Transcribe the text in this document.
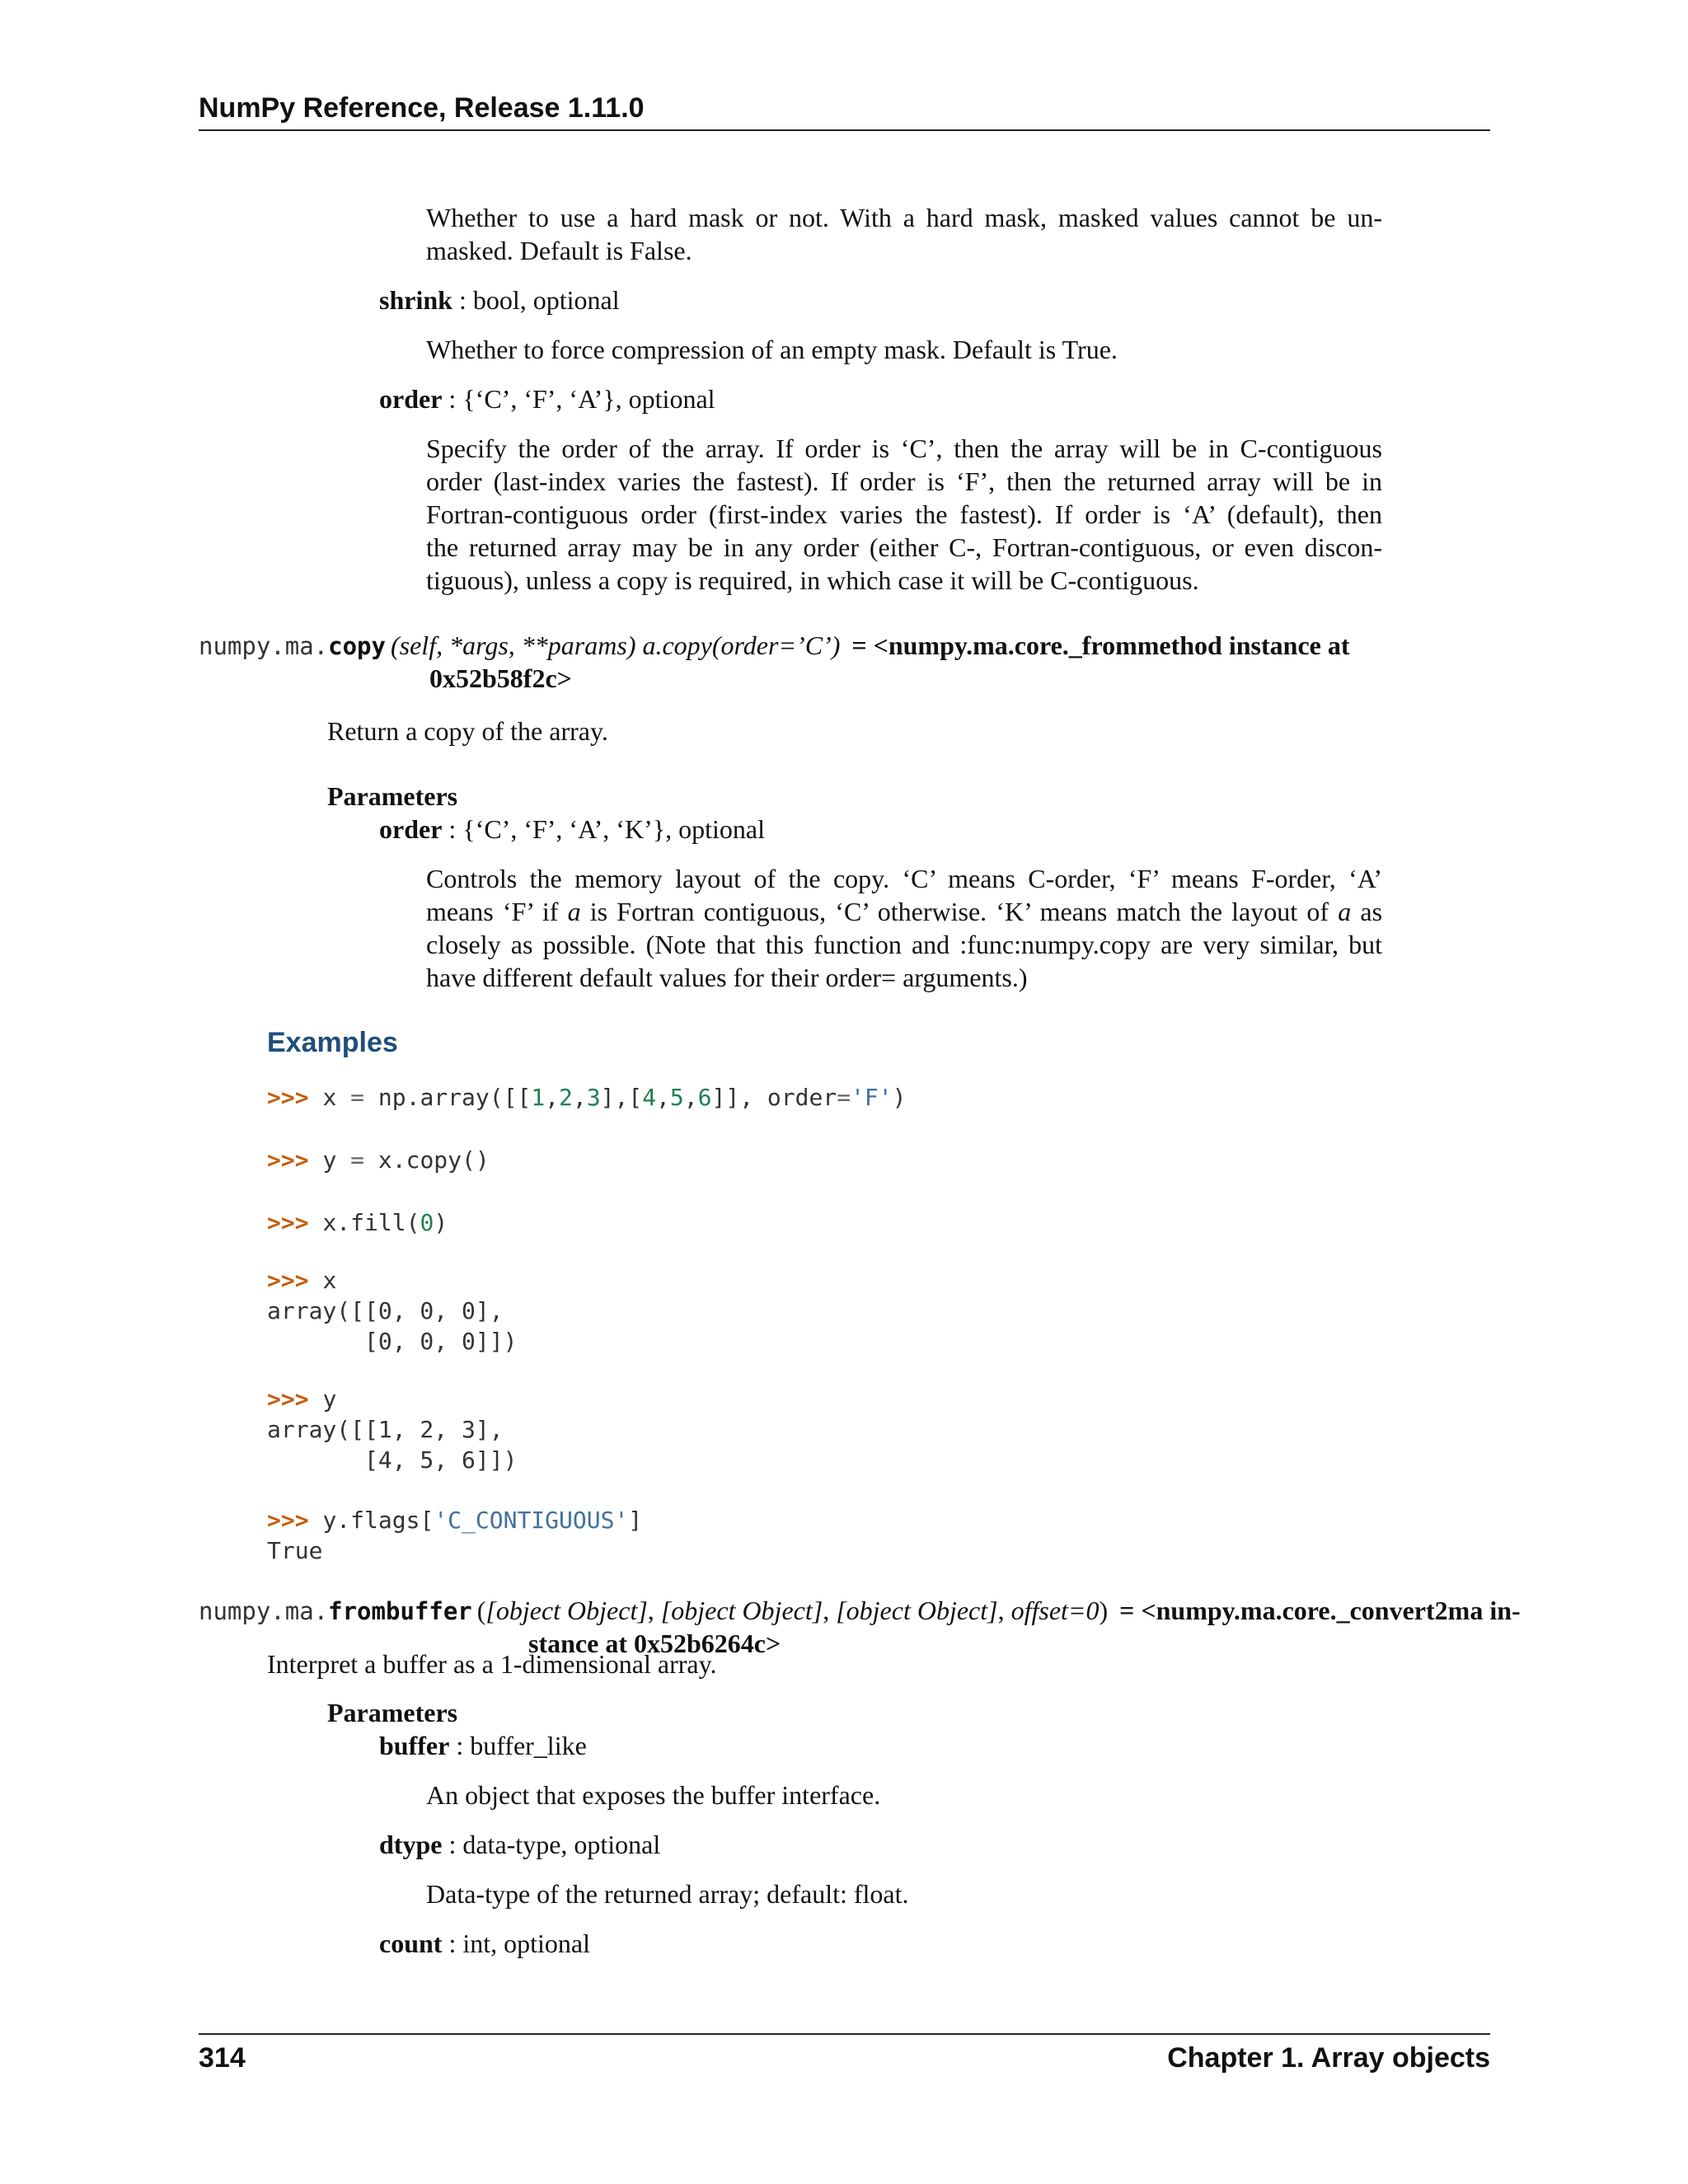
NumPy Reference, Release 1.11.0
Whether to use a hard mask or not. With a hard mask, masked values cannot be un-
masked. Default is False.
shrink : bool, optional
Whether to force compression of an empty mask. Default is True.
order : {‘C’, ‘F’, ‘A’}, optional
Specify the order of the array. If order is ‘C’, then the array will be in C-contiguous
order (last-index varies the fastest). If order is ‘F’, then the returned array will be in
Fortran-contiguous order (first-index varies the fastest). If order is ‘A’ (default), then
the returned array may be in any order (either C-, Fortran-contiguous, or even discon-
tiguous), unless a copy is required, in which case it will be C-contiguous.
numpy.ma.copy (self, *args, **params) a.copy(order=’C’) = <numpy.ma.core._frommethod instance at
0x52b58f2c>
Return a copy of the array.
Parameters
order : {‘C’, ‘F’, ‘A’, ‘K’}, optional
Controls the memory layout of the copy. ‘C’ means C-order, ‘F’ means F-order, ‘A’
means ‘F’ if a is Fortran contiguous, ‘C’ otherwise. ‘K’ means match the layout of a as
closely as possible. (Note that this function and :func:numpy.copy are very similar, but
have different default values for their order= arguments.)
Examples
>>> x = np.array([[1,2,3],[4,5,6]], order='F')
>>> y = x.copy()
>>> x.fill(0)
>>> x
array([[0, 0, 0],
[0, 0, 0]])
>>> y
array([[1, 2, 3],
[4, 5, 6]])
>>> y.flags['C_CONTIGUOUS']
True
numpy.ma.frombuffer ([object Object], [object Object], [object Object], offset=0) = <numpy.ma.core._convert2ma in-
stance at 0x52b6264c>
Interpret a buffer as a 1-dimensional array.
Parameters
buffer : buffer_like
An object that exposes the buffer interface.
dtype : data-type, optional
Data-type of the returned array; default: float.
count : int, optional
314	Chapter 1. Array objects
